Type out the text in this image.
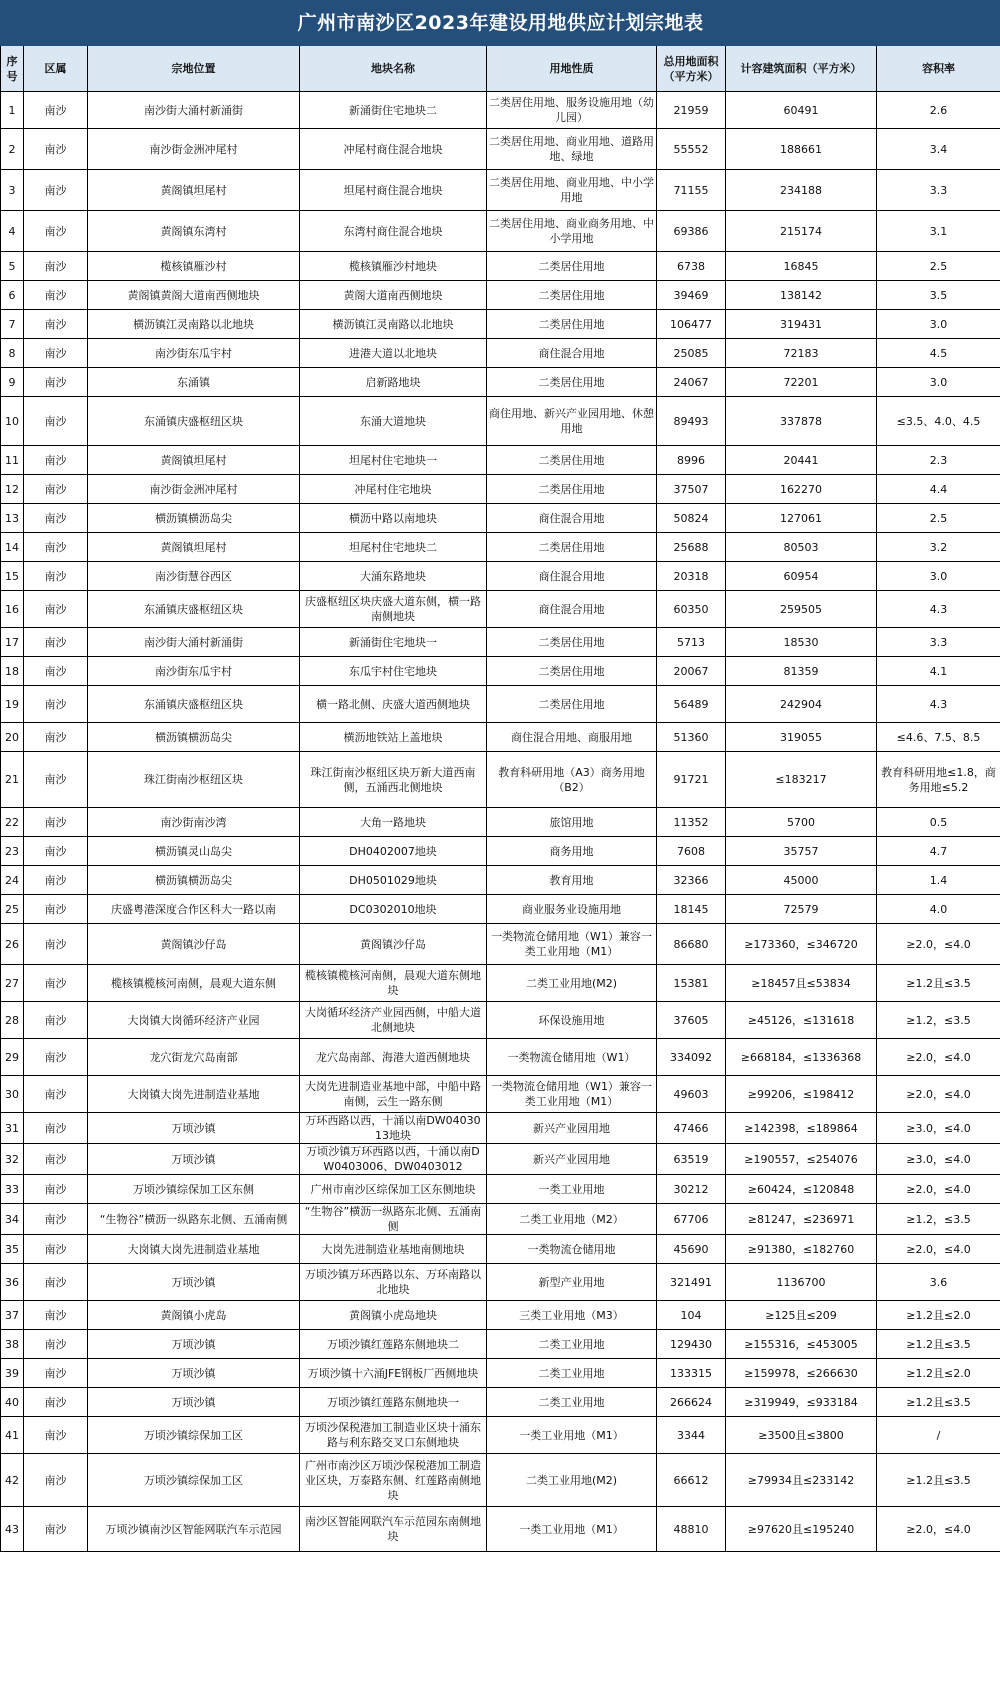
广州市南沙区2023年建设用地供应计划宗地表							
序号	区属	宗地位置	地块名称	用地性质	总用地面积（平方米）	计容建筑面积（平方米）	容积率
1	南沙	南沙街大涌村新涌街	新涌街住宅地块二	二类居住用地、服务设施用地（幼儿园）	21959	60491	2.6
2	南沙	南沙街金洲冲尾村	冲尾村商住混合地块	二类居住用地、商业用地、道路用地、绿地	55552	188661	3.4
3	南沙	黄阁镇坦尾村	坦尾村商住混合地块	二类居住用地、商业用地、中小学用地	71155	234188	3.3
4	南沙	黄阁镇东湾村	东湾村商住混合地块	二类居住用地、商业商务用地、中小学用地	69386	215174	3.1
5	南沙	榄核镇雁沙村	榄核镇雁沙村地块	二类居住用地	6738	16845	2.5
6	南沙	黄阁镇黄阁大道南西侧地块	黄阁大道南西侧地块	二类居住用地	39469	138142	3.5
7	南沙	横沥镇江灵南路以北地块	横沥镇江灵南路以北地块	二类居住用地	106477	319431	3.0
8	南沙	南沙街东瓜宇村	进港大道以北地块	商住混合用地	25085	72183	4.5
9	南沙	东涌镇	启新路地块	二类居住用地	24067	72201	3.0
10	南沙	东涌镇庆盛枢纽区块	东涌大道地块	商住用地、新兴产业园用地、休憩用地	89493	337878	≤3.5、4.0、4.5
11	南沙	黄阁镇坦尾村	坦尾村住宅地块一	二类居住用地	8996	20441	2.3
12	南沙	南沙街金洲冲尾村	冲尾村住宅地块	二类居住用地	37507	162270	4.4
13	南沙	横沥镇横沥岛尖	横沥中路以南地块	商住混合用地	50824	127061	2.5
14	南沙	黄阁镇坦尾村	坦尾村住宅地块二	二类居住用地	25688	80503	3.2
15	南沙	南沙街慧谷西区	大涌东路地块	商住混合用地	20318	60954	3.0
16	南沙	东涌镇庆盛枢纽区块	庆盛枢纽区块庆盛大道东侧，横一路南侧地块	商住混合用地	60350	259505	4.3
17	南沙	南沙街大涌村新涌街	新涌街住宅地块一	二类居住用地	5713	18530	3.3
18	南沙	南沙街东瓜宇村	东瓜宇村住宅地块	二类居住用地	20067	81359	4.1
19	南沙	东涌镇庆盛枢纽区块	横一路北侧、庆盛大道西侧地块	二类居住用地	56489	242904	4.3
20	南沙	横沥镇横沥岛尖	横沥地铁站上盖地块	商住混合用地、商服用地	51360	319055	≤4.6、7.5、8.5
21	南沙	珠江街南沙枢纽区块	珠江街南沙枢纽区块万新大道西南侧，五涌西北侧地块	教育科研用地（A3）商务用地（B2）	91721	≤183217	教育科研用地≤1.8，商务用地≤5.2
22	南沙	南沙街南沙湾	大角一路地块	旅馆用地	11352	5700	0.5
23	南沙	横沥镇灵山岛尖	DH0402007地块	商务用地	7608	35757	4.7
24	南沙	横沥镇横沥岛尖	DH0501029地块	教育用地	32366	45000	1.4
25	南沙	庆盛粤港深度合作区科大一路以南	DC0302010地块	商业服务业设施用地	18145	72579	4.0
26	南沙	黄阁镇沙仔岛	黄阁镇沙仔岛	一类物流仓储用地（W1）兼容一类工业用地（M1）	86680	≥173360，≤346720	≥2.0，≤4.0
27	南沙	榄核镇榄核河南侧，晨观大道东侧	榄核镇榄核河南侧，晨观大道东侧地块	二类工业用地(M2)	15381	≥18457且≤53834	≥1.2且≤3.5
28	南沙	大岗镇大岗循环经济产业园	大岗循环经济产业园西侧，中船大道北侧地块	环保设施用地	37605	≥45126，≤131618	≥1.2，≤3.5
29	南沙	龙穴街龙穴岛南部	龙穴岛南部、海港大道西侧地块	一类物流仓储用地（W1）	334092	≥668184，≤1336368	≥2.0，≤4.0
30	南沙	大岗镇大岗先进制造业基地	大岗先进制造业基地中部，中船中路南侧，云生一路东侧	一类物流仓储用地（W1）兼容一类工业用地（M1）	49603	≥99206，≤198412	≥2.0，≤4.0
31	南沙	万顷沙镇	万环西路以西，十涌以南DW0403013地块	新兴产业园用地	47466	≥142398，≤189864	≥3.0，≤4.0
32	南沙	万顷沙镇	万顷沙镇万环西路以西，十涌以南DW0403006、DW0403012	新兴产业园用地	63519	≥190557，≤254076	≥3.0，≤4.0
33	南沙	万顷沙镇综保加工区东侧	广州市南沙区综保加工区东侧地块	一类工业用地	30212	≥60424，≤120848	≥2.0，≤4.0
34	南沙	“生物谷”横沥一纵路东北侧、五涌南侧	“生物谷”横沥一纵路东北侧、五涌南侧	二类工业用地（M2）	67706	≥81247，≤236971	≥1.2，≤3.5
35	南沙	大岗镇大岗先进制造业基地	大岗先进制造业基地南侧地块	一类物流仓储用地	45690	≥91380，≤182760	≥2.0，≤4.0
36	南沙	万顷沙镇	万顷沙镇万环西路以东、万环南路以北地块	新型产业用地	321491	1136700	3.6
37	南沙	黄阁镇小虎岛	黄阁镇小虎岛地块	三类工业用地（M3）	104	≥125且≤209	≥1.2且≤2.0
38	南沙	万顷沙镇	万顷沙镇红莲路东侧地块二	二类工业用地	129430	≥155316，≤453005	≥1.2且≤3.5
39	南沙	万顷沙镇	万顷沙镇十六涌JFE钢板厂西侧地块	二类工业用地	133315	≥159978，≤266630	≥1.2且≤2.0
40	南沙	万顷沙镇	万顷沙镇红莲路东侧地块一	二类工业用地	266624	≥319949，≤933184	≥1.2且≤3.5
41	南沙	万顷沙镇综保加工区	万顷沙保税港加工制造业区块十涌东路与利东路交叉口东侧地块	一类工业用地（M1）	3344	≥3500且≤3800	/
42	南沙	万顷沙镇综保加工区	广州市南沙区万顷沙保税港加工制造业区块，万泰路东侧、红莲路南侧地块	二类工业用地(M2)	66612	≥79934且≤233142	≥1.2且≤3.5
43	南沙	万顷沙镇南沙区智能网联汽车示范园	南沙区智能网联汽车示范园东南侧地块	一类工业用地（M1）	48810	≥97620且≤195240	≥2.0，≤4.0
